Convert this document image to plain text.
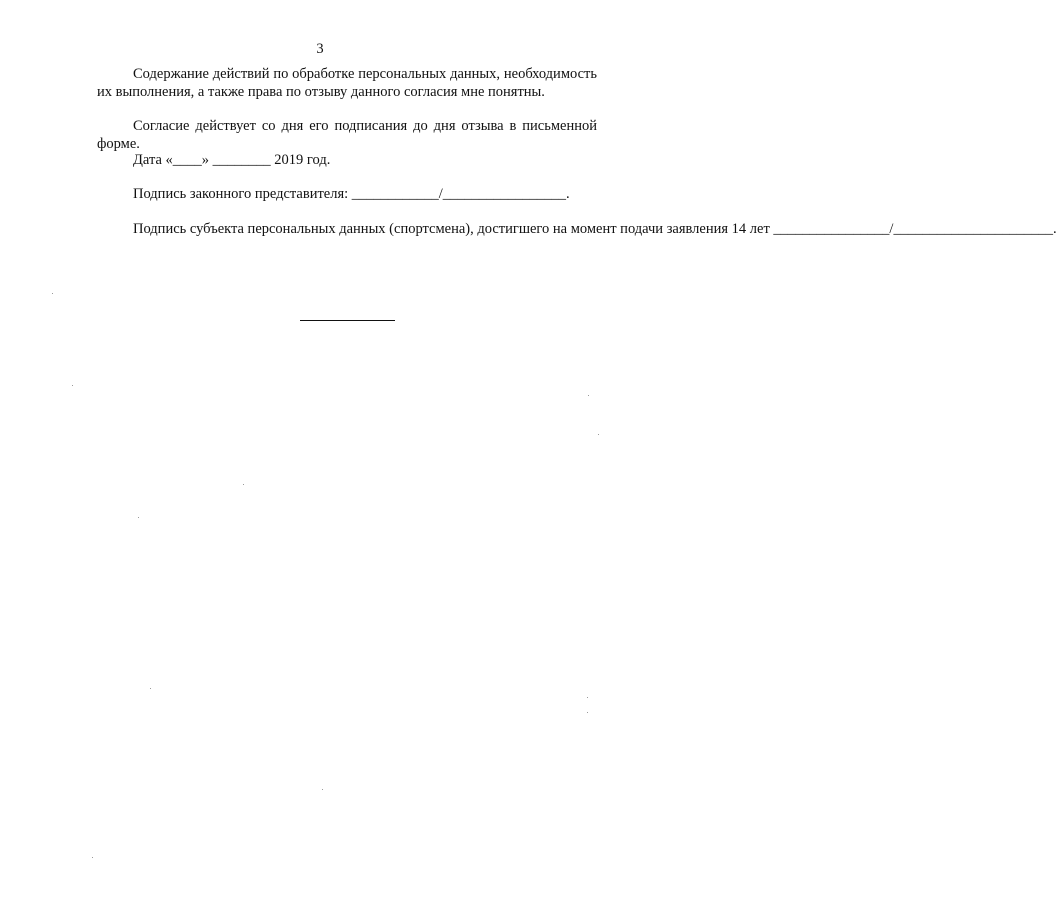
3
Содержание действий по обработке персональных данных, необходимость их выполнения, а также права по отзыву данного согласия мне понятны.
Согласие действует со дня его подписания до дня отзыва в письменной форме.
Дата «____» ________ 2019 год.
Подпись законного представителя: ____________/_________________.
Подпись субъекта персональных данных (спортсмена), достигшего на момент подачи заявления 14 лет ________________/______________________.
